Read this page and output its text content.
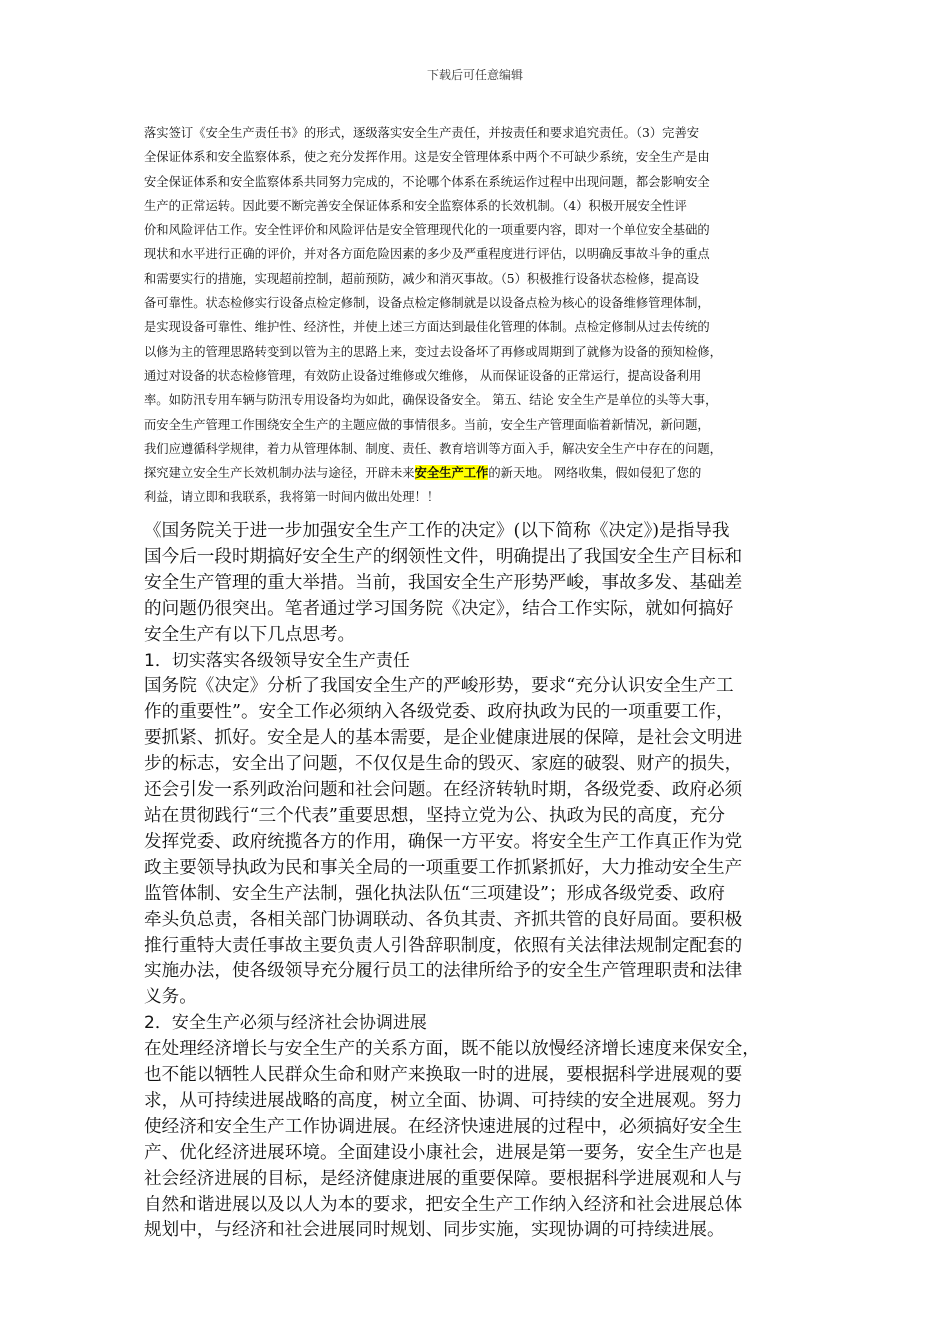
下载后可任意编辑
落实签订《安全生产责任书》的形式，逐级落实安全生产责任，并按责任和要求追究责任。（3）完善安
全保证体系和安全监察体系，使之充分发挥作用。这是安全管理体系中两个不可缺少系统，安全生产是由
安全保证体系和安全监察体系共同努力完成的，不论哪个体系在系统运作过程中出现问题，都会影响安全
生产的正常运转。因此要不断完善安全保证体系和安全监察体系的长效机制。（4）积极开展安全性评
价和风险评估工作。安全性评价和风险评估是安全管理现代化的一项重要内容，即对一个单位安全基础的
现状和水平进行正确的评价，并对各方面危险因素的多少及严重程度进行评估，以明确反事故斗争的重点
和需要实行的措施，实现超前控制，超前预防，减少和消灭事故。（5）积极推行设备状态检修，提高设
备可靠性。状态检修实行设备点检定修制，设备点检定修制就是以设备点检为核心的设备维修管理体制，
是实现设备可靠性、维护性、经济性，并使上述三方面达到最佳化管理的体制。点检定修制从过去传统的
以修为主的管理思路转变到以管为主的思路上来，变过去设备坏了再修或周期到了就修为设备的预知检修，
通过对设备的状态检修管理，有效防止设备过维修或欠维修， 从而保证设备的正常运行，提高设备利用
率。如防汛专用车辆与防汛专用设备均为如此，确保设备安全。 第五、结论 安全生产是单位的头等大事，
而安全生产管理工作围绕安全生产的主题应做的事情很多。当前，安全生产管理面临着新情况，新问题，
我们应遵循科学规律，着力从管理体制、制度、责任、教育培训等方面入手，解决安全生产中存在的问题，
探究建立安全生产长效机制办法与途径，开辟未来安全生产工作的新天地。 网络收集，假如侵犯了您的
利益，请立即和我联系，我将第一时间内做出处理！！
《国务院关于进一步加强安全生产工作的决定》(以下简称《决定》)是指导我
国今后一段时期搞好安全生产的纲领性文件，明确提出了我国安全生产目标和
安全生产管理的重大举措。当前，我国安全生产形势严峻，事故多发、基础差
的问题仍很突出。笔者通过学习国务院《决定》，结合工作实际，就如何搞好
安全生产有以下几点思考。
1．切实落实各级领导安全生产责任
国务院《决定》分析了我国安全生产的严峻形势，要求“充分认识安全生产工
作的重要性”。安全工作必须纳入各级党委、政府执政为民的一项重要工作，
要抓紧、抓好。安全是人的基本需要，是企业健康进展的保障，是社会文明进
步的标志，安全出了问题，不仅仅是生命的毁灭、家庭的破裂、财产的损失，
还会引发一系列政治问题和社会问题。在经济转轨时期，各级党委、政府必须
站在贯彻践行“三个代表”重要思想，坚持立党为公、执政为民的高度，充分
发挥党委、政府统揽各方的作用，确保一方平安。将安全生产工作真正作为党
政主要领导执政为民和事关全局的一项重要工作抓紧抓好，大力推动安全生产
监管体制、安全生产法制，强化执法队伍“三项建设”；形成各级党委、政府
牵头负总责，各相关部门协调联动、各负其责、齐抓共管的良好局面。要积极
推行重特大责任事故主要负责人引咎辞职制度，依照有关法律法规制定配套的
实施办法，使各级领导充分履行员工的法律所给予的安全生产管理职责和法律
义务。
2．安全生产必须与经济社会协调进展
在处理经济增长与安全生产的关系方面，既不能以放慢经济增长速度来保安全，
也不能以牺牲人民群众生命和财产来换取一时的进展，要根据科学进展观的要
求，从可持续进展战略的高度，树立全面、协调、可持续的安全进展观。努力
使经济和安全生产工作协调进展。在经济快速进展的过程中，必须搞好安全生
产、优化经济进展环境。全面建设小康社会，进展是第一要务，安全生产也是
社会经济进展的目标，是经济健康进展的重要保障。要根据科学进展观和人与
自然和谐进展以及以人为本的要求，把安全生产工作纳入经济和社会进展总体
规划中，与经济和社会进展同时规划、同步实施，实现协调的可持续进展。
